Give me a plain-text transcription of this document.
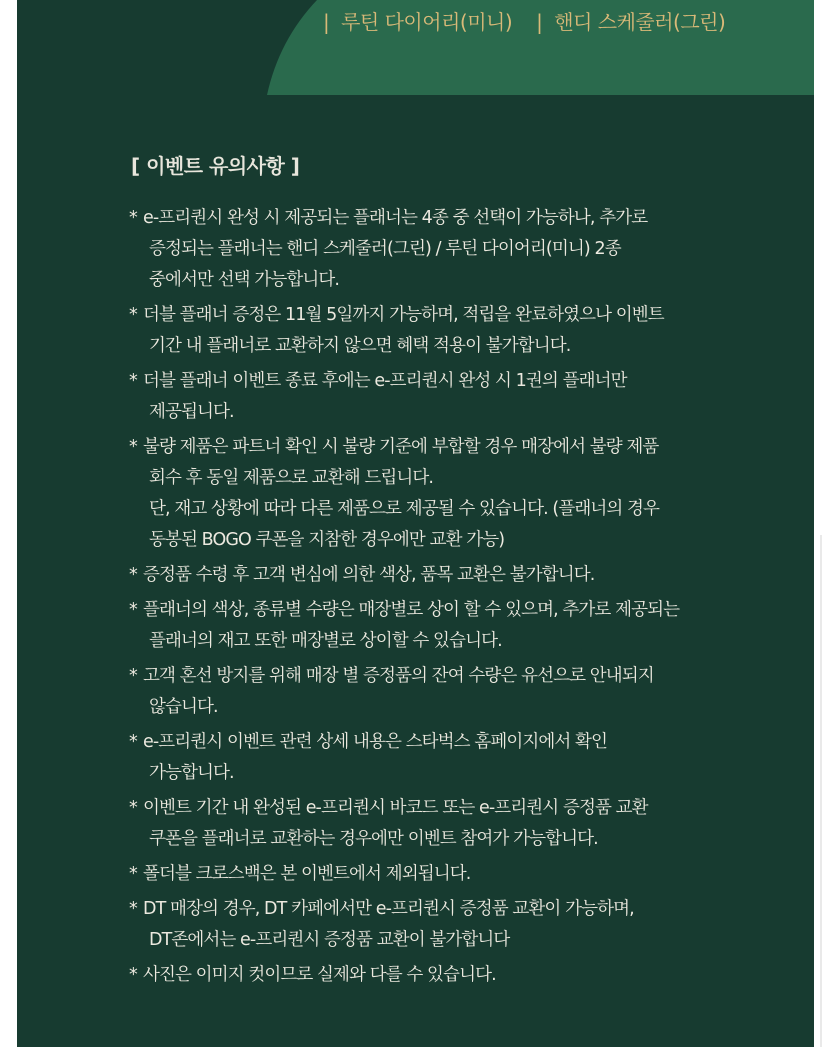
| 루틴 다이어리(미니) | 핸디 스케줄러(그린)
[ 이벤트 유의사항 ]
* e-프리퀀시 완성 시 제공되는 플래너는 4종 중 선택이 가능하나, 추가로
증정되는 플래너는 핸디 스케줄러(그린) / 루틴 다이어리(미니) 2종
중에서만 선택 가능합니다.
* 더블 플래너 증정은 11월 5일까지 가능하며, 적립을 완료하였으나 이벤트
기간 내 플래너로 교환하지 않으면 혜택 적용이 불가합니다.
* 더블 플래너 이벤트 종료 후에는 e-프리퀀시 완성 시 1권의 플래너만
제공됩니다.
* 불량 제품은 파트너 확인 시 불량 기준에 부합할 경우 매장에서 불량 제품
회수 후 동일 제품으로 교환해 드립니다.
단, 재고 상황에 따라 다른 제품으로 제공될 수 있습니다. (플래너의 경우
동봉된 BOGO 쿠폰을 지참한 경우에만 교환 가능)
* 증정품 수령 후 고객 변심에 의한 색상, 품목 교환은 불가합니다.
* 플래너의 색상, 종류별 수량은 매장별로 상이 할 수 있으며, 추가로 제공되는
플래너의 재고 또한 매장별로 상이할 수 있습니다.
* 고객 혼선 방지를 위해 매장 별 증정품의 잔여 수량은 유선으로 안내되지
않습니다.
* e-프리퀀시 이벤트 관련 상세 내용은 스타벅스 홈페이지에서 확인
가능합니다.
* 이벤트 기간 내 완성된 e-프리퀀시 바코드 또는 e-프리퀀시 증정품 교환
쿠폰을 플래너로 교환하는 경우에만 이벤트 참여가 가능합니다.
* 폴더블 크로스백은 본 이벤트에서 제외됩니다.
* DT 매장의 경우, DT 카페에서만 e-프리퀀시 증정품 교환이 가능하며,
DT존에서는 e-프리퀀시 증정품 교환이 불가합니다
* 사진은 이미지 컷이므로 실제와 다를 수 있습니다.
